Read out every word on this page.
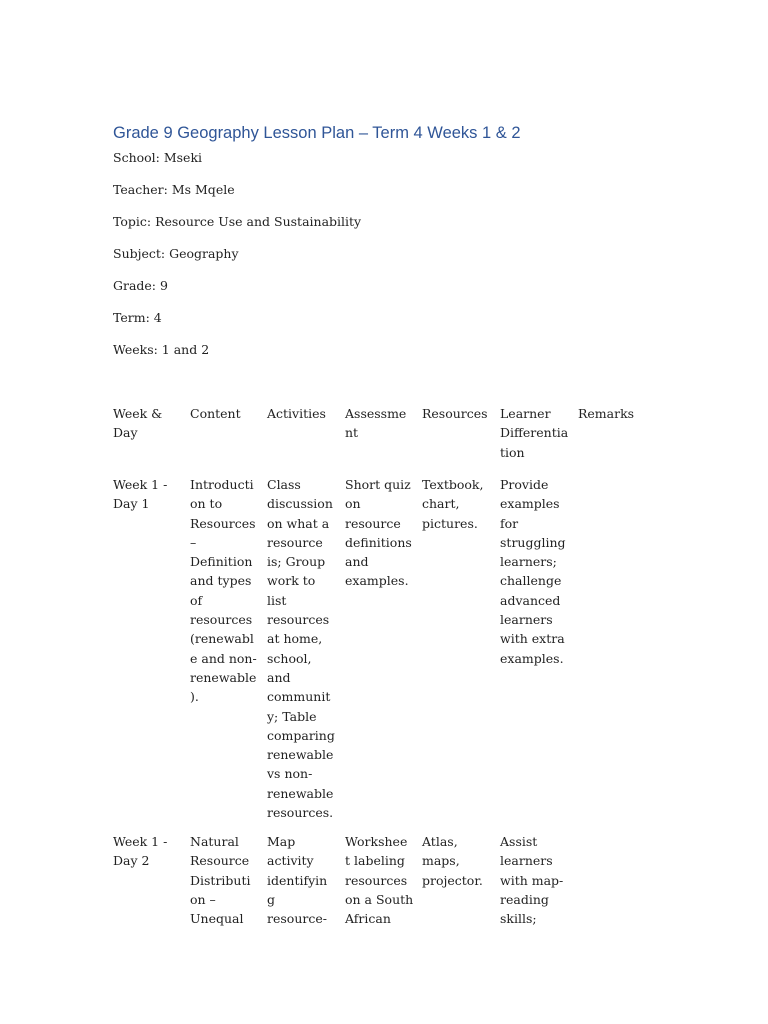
Grade 9 Geography Lesson Plan – Term 4 Weeks 1 & 2
School: Mseki
Teacher: Ms Mqele
Topic: Resource Use and Sustainability
Subject: Geography
Grade: 9
Term: 4
Weeks: 1 and 2
Week &
Day
Content	Activities	Assessme
nt
Resources Learner
Differentia
tion
Remarks
Week 1 -
Day 1
Introducti
on to
Resources
–
Definition
and types
of
resources
(renewabl
e and non-
renewable
).
Class
discussion
on what a
resource
is; Group
work to
list
resources
at home,
school,
and
communit
y; Table
comparing
renewable
vs non-
renewable
resources.
Short quiz
on
resource
definitions
and
examples.
Textbook,
chart,
pictures.
Provide
examples
for
struggling
learners;
challenge
advanced
learners
with extra
examples.
Week 1 -
Day 2
Natural
Resource
Distributi
on –
Unequal
Map
activity
identifyin
g
resource-
Workshee
t labeling
resources
on a South
African
Atlas,
maps,
projector.
Assist
learners
with map-
reading
skills;
